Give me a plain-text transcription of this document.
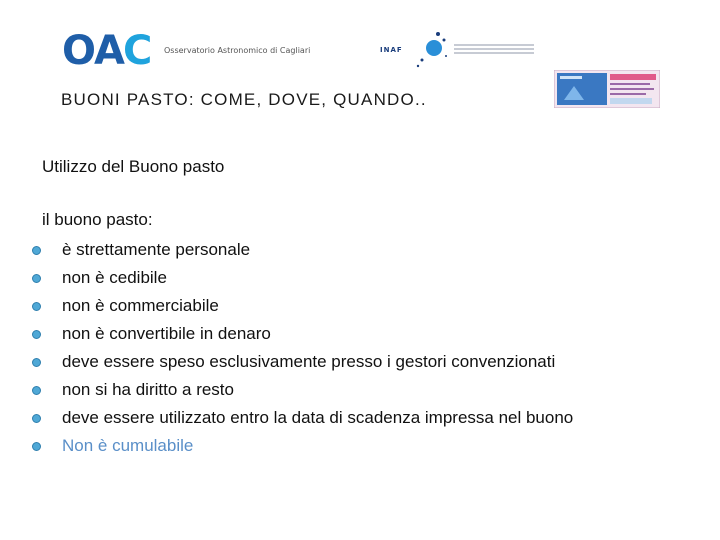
O A C Osservatorio Astronomico di Cagliari	INAF
BUONI PASTO: COME, DOVE, QUANDO..
Utilizzo del Buono pasto
il buono pasto:
è strettamente personale
non è cedibile
non è commerciabile
non è convertibile in denaro
deve essere speso esclusivamente presso i gestori convenzionati
non si ha diritto a resto
deve essere utilizzato entro la data di scadenza impressa nel buono
Non è cumulabile
